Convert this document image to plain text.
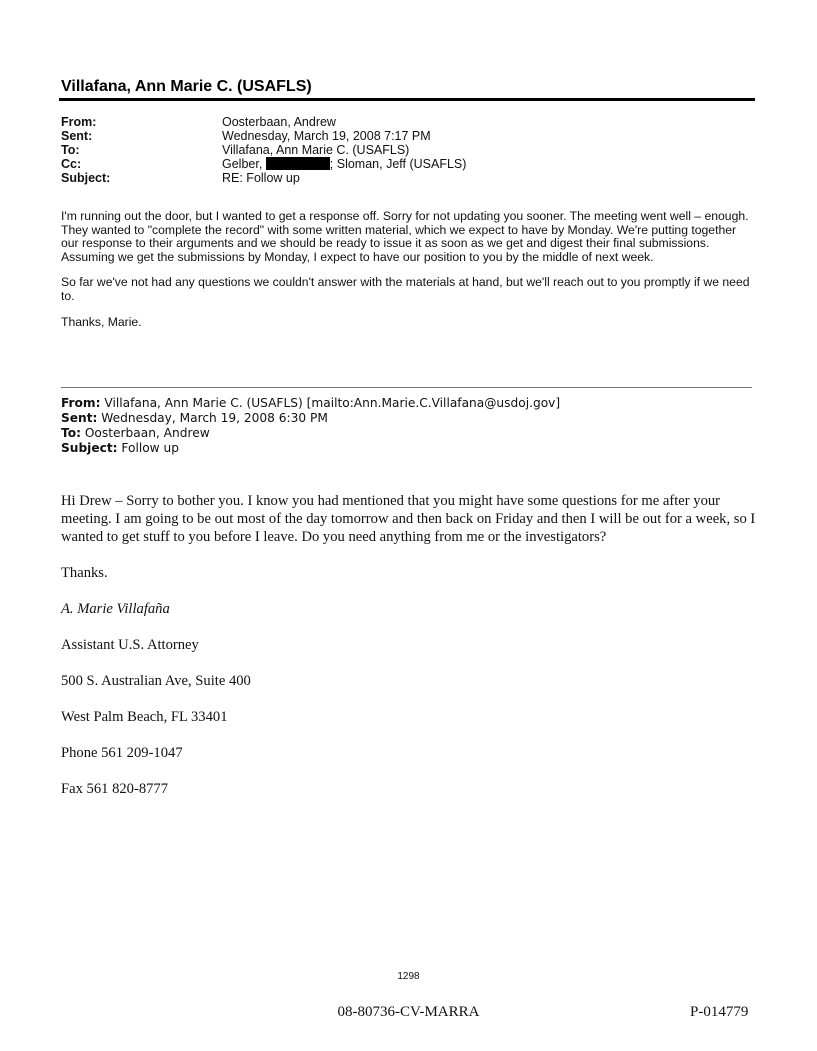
Villafana, Ann Marie C. (USAFLS)
From:	Oosterbaan, Andrew
Sent:	Wednesday, March 19, 2008 7:17 PM
To:	Villafana, Ann Marie C. (USAFLS)
Cc:	Gelber,	; Sloman, Jeff (USAFLS)
Subject:	RE: Follow up

I'm running out the door, but I wanted to get a response off. Sorry for not updating you sooner. The meeting went well – enough. They wanted to "complete the record" with some written material, which we expect to have by Monday. We're putting together our response to their arguments and we should be ready to issue it as soon as we get and digest their final submissions. Assuming we get the submissions by Monday, I expect to have our position to you by the middle of next week.

So far we've not had any questions we couldn't answer with the materials at hand, but we'll reach out to you promptly if we need to.

Thanks, Marie.

From: Villafana, Ann Marie C. (USAFLS) [mailto:Ann.Marie.C.Villafana@usdoj.gov]
Sent: Wednesday, March 19, 2008 6:30 PM
To: Oosterbaan, Andrew
Subject: Follow up

Hi Drew – Sorry to bother you. I know you had mentioned that you might have some questions for me after your meeting. I am going to be out most of the day tomorrow and then back on Friday and then I will be out for a week, so I wanted to get stuff to you before I leave. Do you need anything from me or the investigators?

Thanks.

A. Marie Villafaña

Assistant U.S. Attorney

500 S. Australian Ave, Suite 400

West Palm Beach, FL 33401

Phone 561 209-1047

Fax 561 820-8777

1298
08-80736-CV-MARRA	P-014779
